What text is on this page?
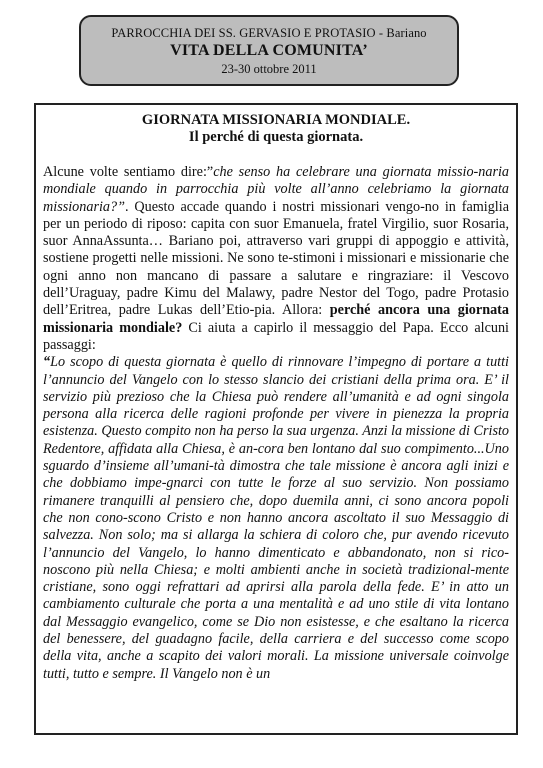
PARROCCHIA DEI SS. GERVASIO E PROTASIO - Bariano
VITA DELLA COMUNITA’
23-30 ottobre 2011
GIORNATA MISSIONARIA MONDIALE.
Il perché di questa giornata.
Alcune volte sentiamo dire:”che senso ha celebrare una giornata missio-naria mondiale quando in parrocchia più volte all’anno celebriamo la giornata missionaria?”. Questo accade quando i nostri missionari vengo-no in famiglia per un periodo di riposo: capita con suor Emanuela, fratel Virgilio, suor Rosaria, suor AnnaAssunta… Bariano poi, attraverso vari gruppi di appoggio e attività, sostiene progetti nelle missioni. Ne sono te-stimoni i missionari e missionarie che ogni anno non mancano di passare a salutare e ringraziare: il Vescovo dell’Uraguay, padre Kimu del Malawy, padre Nestor del Togo, padre Protasio dell’Eritrea, padre Lukas dell’Etio-pia. Allora: perché ancora una giornata missionaria mondiale? Ci aiuta a capirlo il messaggio del Papa. Ecco alcuni passaggi:
“Lo scopo di questa giornata è quello di rinnovare l’impegno di portare a tutti l’annuncio del Vangelo con lo stesso slancio dei cristiani della prima ora. E’ il servizio più prezioso che la Chiesa può rendere all’umanità e ad ogni singola persona alla ricerca delle ragioni profonde per vivere in pienezza la propria esistenza. Questo compito non ha perso la sua urgenza. Anzi la missione di Cristo Redentore, affidata alla Chiesa, è an-cora ben lontano dal suo compimento...Uno sguardo d’insieme all’umani-tà dimostra che tale missione è ancora agli inizi e che dobbiamo impe-gnarci con tutte le forze al suo servizio. Non possiamo rimanere tranquilli al pensiero che, dopo duemila anni, ci sono ancora popoli che non cono-scono Cristo e non hanno ancora ascoltato il suo Messaggio di salvezza. Non solo; ma si allarga la schiera di coloro che, pur avendo ricevuto l’annuncio del Vangelo, lo hanno dimenticato e abbandonato, non si rico-noscono più nella Chiesa; e molti ambienti anche in società tradizional-mente cristiane, sono oggi refrattari ad aprirsi alla parola della fede. E’ in atto un cambiamento culturale che porta a una mentalità e ad uno stile di vita lontano dal Messaggio evangelico, come se Dio non esistesse, e che esaltano la ricerca del benessere, del guadagno facile, della carriera e del successo come scopo della vita, anche a scapito dei valori morali. La missione universale coinvolge tutti, tutto e sempre. Il Vangelo non è un
